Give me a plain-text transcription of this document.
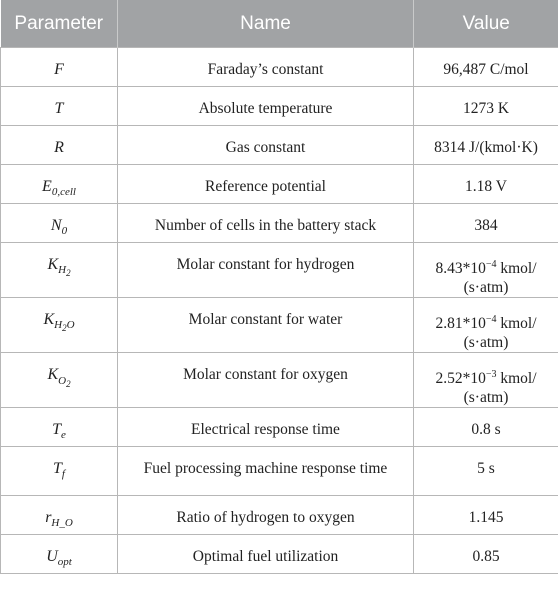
Parameter	Name	Value
F	Faraday’s constant	96,487 C/mol
T	Absolute temperature	1273 K
R	Gas constant	8314 J/(kmol·K)
$E_{0,cell}$	Reference potential	1.18 V
$N_0$	Number of cells in the battery stack	384
$K_{H_2}$	Molar constant for hydrogen	$8.43*10^{-4}$ kmol/
(s·atm)
$K_{H_2O}$	Molar constant for water	$2.81*10^{-4}$ kmol/
(s·atm)
$K_{O_2}$	Molar constant for oxygen	$2.52*10^{-3}$ kmol/
(s·atm)
$T_e$	Electrical response time	0.8 s
$T_f$	Fuel processing machine response time	5 s
$r_{H\_O}$	Ratio of hydrogen to oxygen	1.145
$U_{opt}$	Optimal fuel utilization	0.85
